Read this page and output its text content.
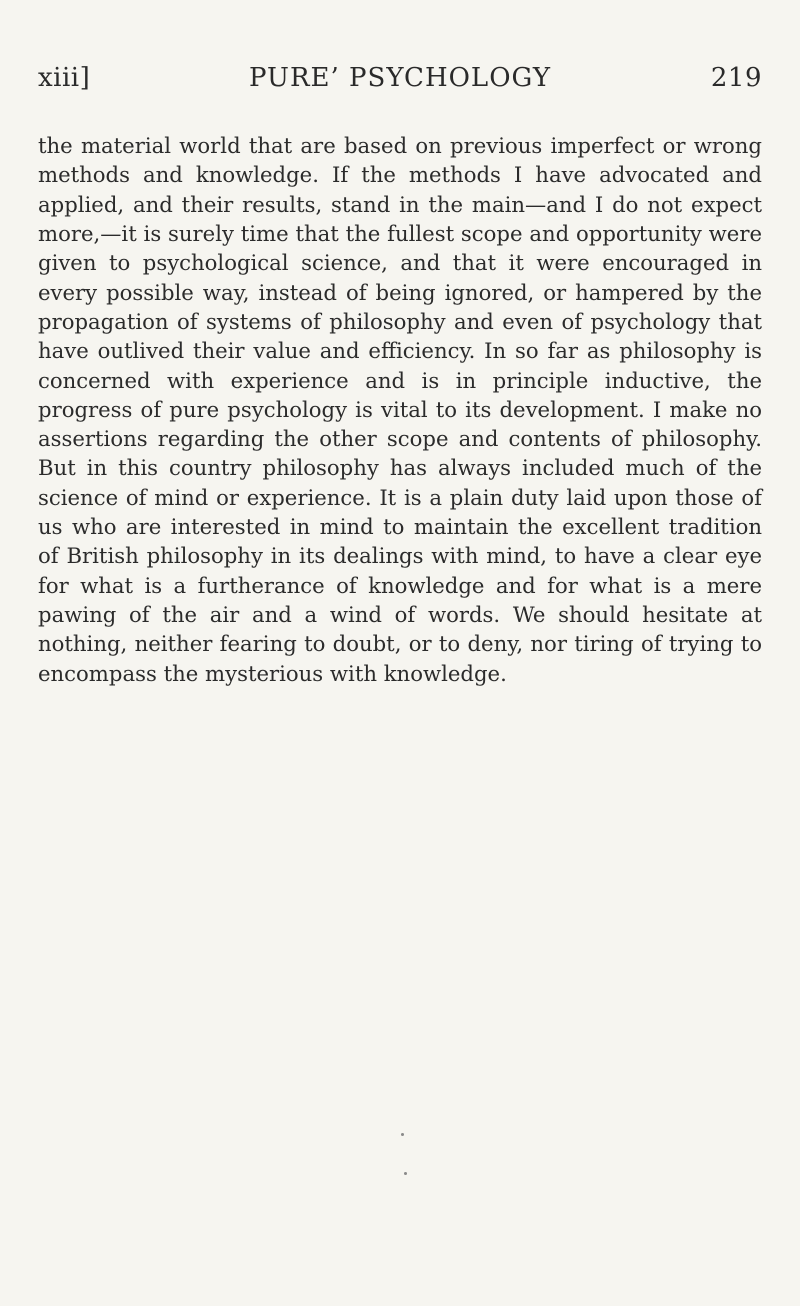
xiii]	PURE’ PSYCHOLOGY	219

the material world that are based on previous imperfect or wrong methods and knowledge. If the methods I have advocated and applied, and their results, stand in the main—and I do not expect more,—it is surely time that the fullest scope and opportunity were given to psychological science, and that it were encouraged in every possible way, instead of being ignored, or hampered by the propagation of systems of philosophy and even of psychology that have outlived their value and efficiency. In so far as philosophy is concerned with experience and is in principle inductive, the progress of pure psychology is vital to its development. I make no assertions regarding the other scope and contents of philosophy. But in this country philosophy has always included much of the science of mind or experience. It is a plain duty laid upon those of us who are interested in mind to maintain the excellent tradition of British philosophy in its dealings with mind, to have a clear eye for what is a furtherance of knowledge and for what is a mere pawing of the air and a wind of words. We should hesitate at nothing, neither fearing to doubt, or to deny, nor tiring of trying to encompass the mysterious with knowledge.
